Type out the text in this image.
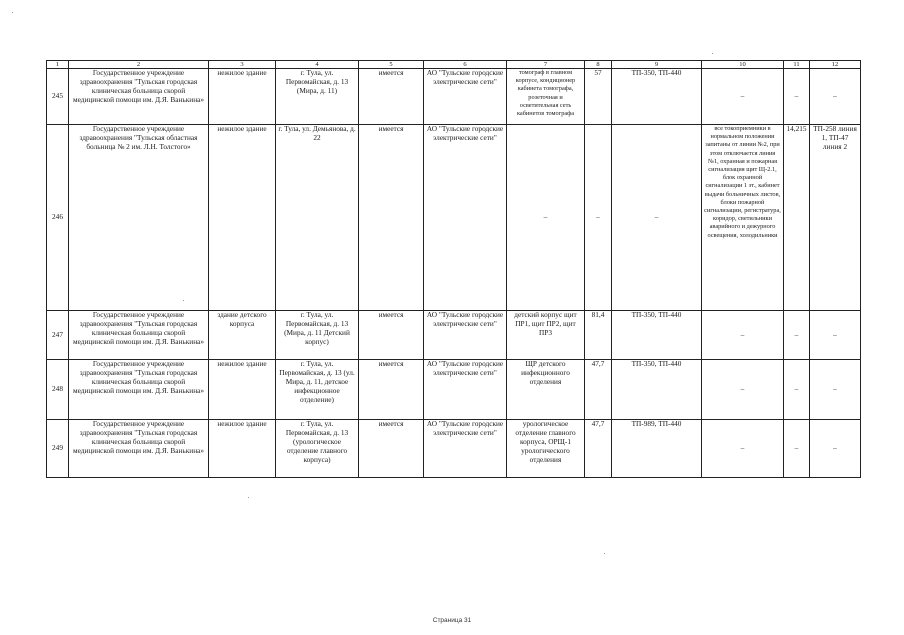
1	2	3	4	5	6	7	8	9	10	11	12
245	Государственное учреждение здравоохранения "Тульская городская клиническая больница скорой медицинской помощи им. Д.Я. Ванькина»	нежилое здание	г. Тула, ул. Первомайская, д. 13 (Мира, д. 11)	имеется	АО "Тульские городские электрические сети"	томограф в главном корпусе, кондиционер кабинета томографа, розеточная и осветительная сеть кабинетов томографа	57	ТП-350, ТП-440	–	–	–
246	Государственное учреждение здравоохранения "Тульская областная больница № 2 им. Л.Н. Толстого»	нежилое здание	г. Тула, ул. Демьянова, д. 22	имеется	АО "Тульские городские электрические сети"	–	–	–	все токоприемники в нормальном положении запитаны от линии №2, при этом отключается линия №1, охранная и пожарная сигнализация щит Щ-2.1, блок охранной сигнализации 1 эт., кабинет выдачи больничных листов, блоки пожарной сигнализации, регистратура, коридор, светильники аварийного и дежурного освещения, холодильники	14,215	ТП-258 линия 1, ТП-47 линия 2
247	Государственное учреждение здравоохранения "Тульская городская клиническая больница скорой медицинской помощи им. Д.Я. Ванькина»	здание детского корпуса	г. Тула, ул. Первомайская, д. 13 (Мира, д. 11 Детский корпус)	имеется	АО "Тульские городские электрические сети"	детский корпус щит ПР1, щит ПР2, щит ПР3	81,4	ТП-350, ТП-440	–	–	–
248	Государственное учреждение здравоохранения "Тульская городская клиническая больница скорой медицинской помощи им. Д.Я. Ванькина»	нежилое здание	г. Тула, ул. Первомайская, д. 13 (ул. Мира, д. 11, детское инфекционное отделение)	имеется	АО "Тульские городские электрические сети"	ЩР детского инфекционного отделения	47,7	ТП-350, ТП-440	–	–	–
249	Государственное учреждение здравоохранения "Тульская городская клиническая больница скорой медицинской помощи им. Д.Я. Ванькина»	нежилое здание	г. Тула, ул. Первомайская, д. 13 (урологическое отделение главного корпуса)	имеется	АО "Тульские городские электрические сети"	урологическое отделение главного корпуса, ОРЩ-1 урологического отделения	47,7	ТП-989, ТП-440	–	–	–
Страница 31
